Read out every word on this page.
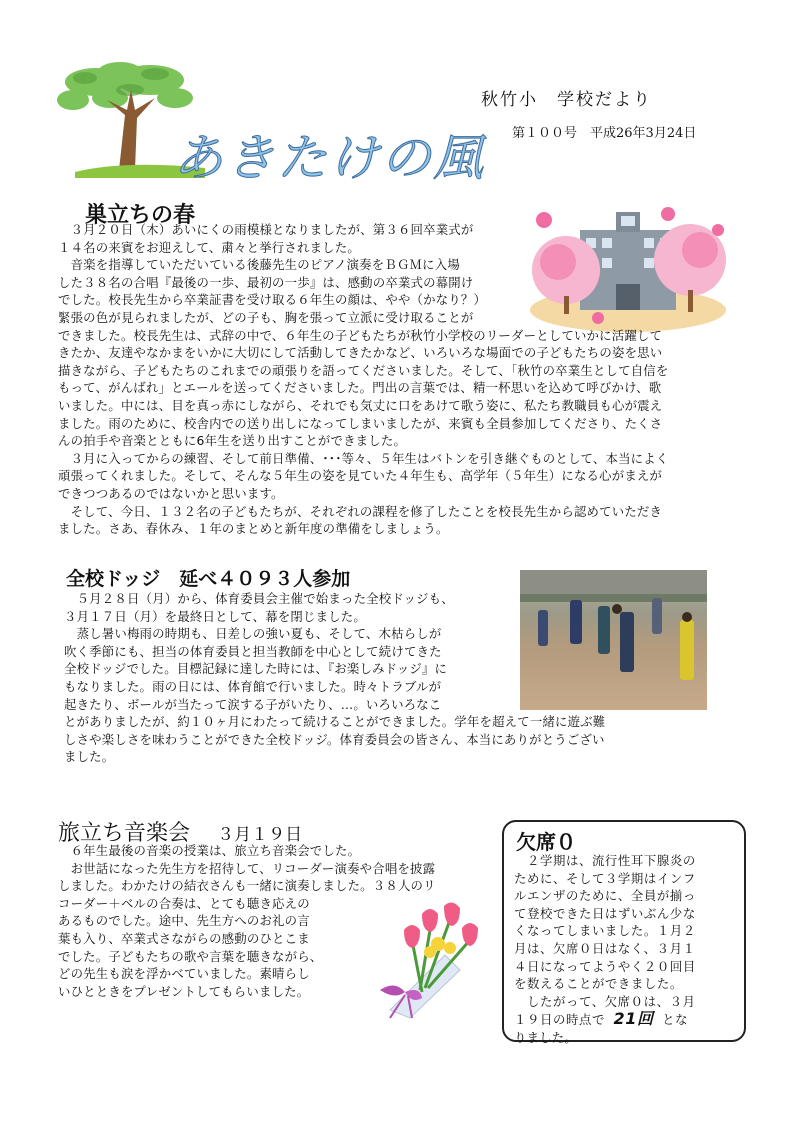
あきたけの風
秋竹小　学校だより
第１００号　平成26年3月24日
巣立ちの春

　３月２０日（木）あいにくの雨模様となりましたが、第３６回卒業式が

１４名の来賓をお迎えして、粛々と挙行されました。

　音楽を指導していただいている後藤先生のピアノ演奏をＢＧＭに入場

した３８名の合唱『最後の一歩、最初の一歩』は、感動の卒業式の幕開け

でした。校長先生から卒業証書を受け取る６年生の顔は、やや（かなり？）

緊張の色が見られましたが、どの子も、胸を張って立派に受け取ることが

できました。校長先生は、式辞の中で、６年生の子どもたちが秋竹小学校のリーダーとしていかに活躍して

きたか、友達やなかまをいかに大切にして活動してきたかなど、いろいろな場面での子どもたちの姿を思い

描きながら、子どもたちのこれまでの頑張りを語ってくださいました。そして、「秋竹の卒業生として自信を

もって、がんばれ」とエールを送ってくださいました。門出の言葉では、精一杯思いを込めて呼びかけ、歌

いました。中には、目を真っ赤にしながら、それでも気丈に口をあけて歌う姿に、私たち教職員も心が震え

ました。雨のために、校舎内での送り出しになってしまいましたが、来賓も全員参加してくださり、たくさ

んの拍手や音楽とともに6年生を送り出すことができました。

　３月に入ってからの練習、そして前日準備、･･･等々、５年生はバトンを引き継ぐものとして、本当によく

頑張ってくれました。そして、そんな５年生の姿を見ていた４年生も、高学年（５年生）になる心がまえが

できつつあるのではないかと思います。

　そして、今日、１３２名の子どもたちが、それぞれの課程を修了したことを校長先生から認めていただき

ました。さあ、春休み、１年のまとめと新年度の準備をしましょう。

全校ドッジ　延べ４０９３人参加

　５月２８日（月）から、体育委員会主催で始まった全校ドッジも、

３月１７日（月）を最終日として、幕を閉じました。

　蒸し暑い梅雨の時期も、日差しの強い夏も、そして、木枯らしが

吹く季節にも、担当の体育委員と担当教師を中心として続けてきた

全校ドッジでした。目標記録に達した時には、『お楽しみドッジ』に

もなりました。雨の日には、体育館で行いました。時々トラブルが

起きたり、ボールが当たって涙する子がいたり、…。いろいろなこ

とがありましたが、約１０ヶ月にわたって続けることができました。学年を超えて一緒に遊ぶ難

しさや楽しさを味わうことができた全校ドッジ。体育委員会の皆さん、本当にありがとうござい

ました。

旅立ち音楽会 ３月１９日

　６年生最後の音楽の授業は、旅立ち音楽会でした。

　お世話になった先生方を招待して、リコーダー演奏や合唱を披露

しました。わかたけの結衣さんも一緒に演奏しました。３８人のリ

コーダー＋ベルの合奏は、とても聴き応えの

あるものでした。途中、先生方へのお礼の言

葉も入り、卒業式さながらの感動のひとこま

でした。子どもたちの歌や言葉を聴きながら、

どの先生も涙を浮かべていました。素晴らし

いひとときをプレゼントしてもらいました。

欠席０

　２学期は、流行性耳下腺炎の

ために、そして３学期はインフ

ルエンザのために、全員が揃っ

て登校できた日はずいぶん少な

くなってしまいました。１月２

月は、欠席０日はなく、３月１

４日になってようやく２０回目

を数えることができました。

　したがって、欠席０は、３月

１９日の時点で 21回 とな

りました。
